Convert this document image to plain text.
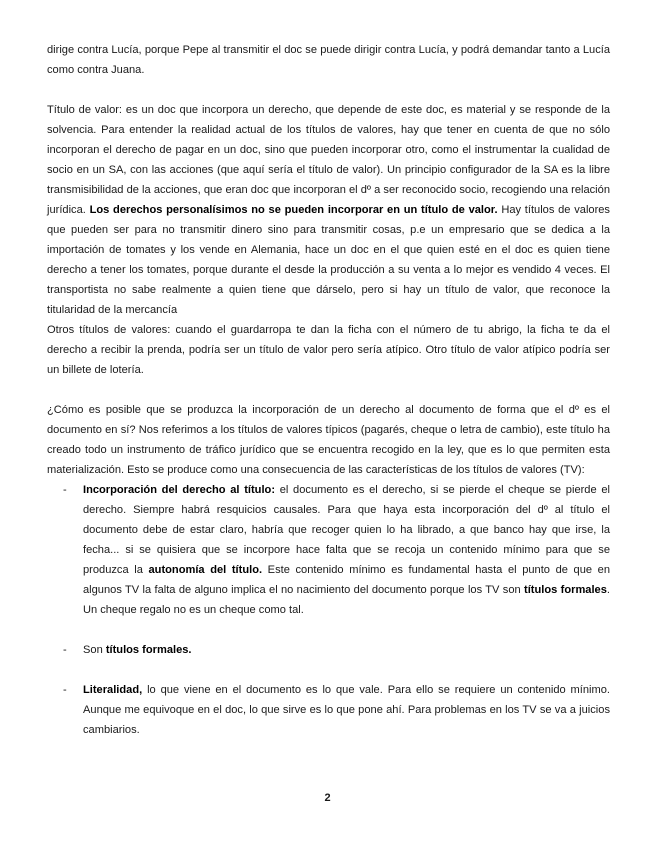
dirige contra Lucía, porque Pepe al transmitir el doc se puede dirigir contra Lucía, y podrá demandar tanto a Lucía como contra Juana.

Título de valor: es un doc que incorpora un derecho, que depende de este doc, es material y se responde de la solvencia. Para entender la realidad actual de los títulos de valores, hay que tener en cuenta de que no sólo incorporan el derecho de pagar en un doc, sino que pueden incorporar otro, como el instrumentar la cualidad de socio en un SA, con las acciones (que aquí sería el título de valor). Un principio configurador de la SA es la libre transmisibilidad de la acciones, que eran doc que incorporan el dº a ser reconocido socio, recogiendo una relación jurídica. Los derechos personalísimos no se pueden incorporar en un título de valor. Hay títulos de valores que pueden ser para no transmitir dinero sino para transmitir cosas, p.e un empresario que se dedica a la importación de tomates y los vende en Alemania, hace un doc en el que quien esté en el doc es quien tiene derecho a tener los tomates, porque durante el desde la producción a su venta a lo mejor es vendido 4 veces. El transportista no sabe realmente a quien tiene que dárselo, pero si hay un título de valor, que reconoce la titularidad de la mercancía

Otros títulos de valores: cuando el guardarropa te dan la ficha con el número de tu abrigo, la ficha te da el derecho a recibir la prenda, podría ser un título de valor pero sería atípico. Otro título de valor atípico podría ser un billete de lotería.

¿Cómo es posible que se produzca la incorporación de un derecho al documento de forma que el dº es el documento en sí? Nos referimos a los títulos de valores típicos (pagarés, cheque o letra de cambio), este título ha creado todo un instrumento de tráfico jurídico que se encuentra recogido en la ley, que es lo que permiten esta materialización. Esto se produce como una consecuencia de las características de los títulos de valores (TV):

- Incorporación del derecho al título: el documento es el derecho, si se pierde el cheque se pierde el derecho. Siempre habrá resquicios causales. Para que haya esta incorporación del dº al título el documento debe de estar claro, habría que recoger quien lo ha librado, a que banco hay que irse, la fecha... si se quisiera que se incorpore hace falta que se recoja un contenido mínimo para que se produzca la autonomía del título. Este contenido mínimo es fundamental hasta el punto de que en algunos TV la falta de alguno implica el no nacimiento del documento porque los TV son títulos formales. Un cheque regalo no es un cheque como tal.
- Son títulos formales.
- Literalidad, lo que viene en el documento es lo que vale. Para ello se requiere un contenido mínimo. Aunque me equivoque en el doc, lo que sirve es lo que pone ahí. Para problemas en los TV se va a juicios cambiarios.
2
